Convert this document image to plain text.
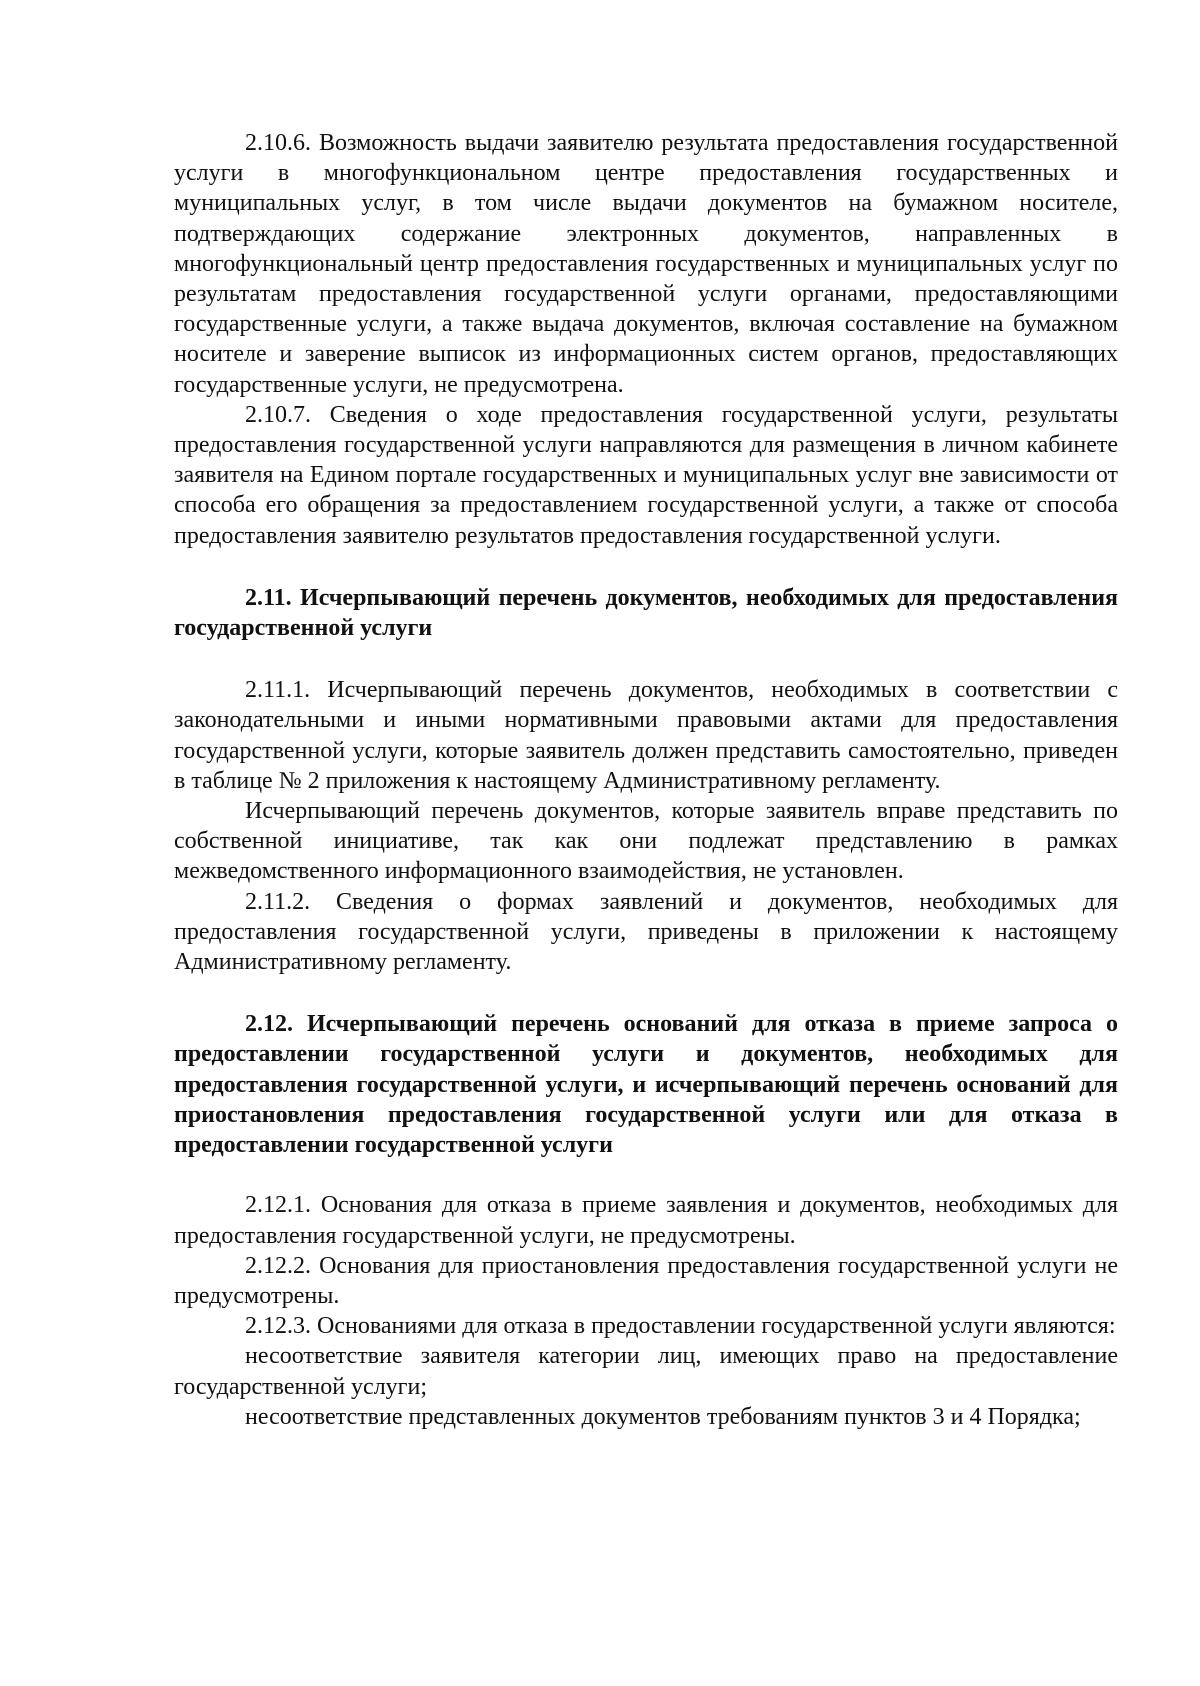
2.10.6. Возможность выдачи заявителю результата предоставления государственной услуги в многофункциональном центре предоставления государственных и муниципальных услуг, в том числе выдачи документов на бумажном носителе, подтверждающих содержание электронных документов, направленных в многофункциональный центр предоставления государственных и муниципальных услуг по результатам предоставления государственной услуги органами, предоставляющими государственные услуги, а также выдача документов, включая составление на бумажном носителе и заверение выписок из информационных систем органов, предоставляющих государственные услуги, не предусмотрена.

2.10.7. Сведения о ходе предоставления государственной услуги, результаты предоставления государственной услуги направляются для размещения в личном кабинете заявителя на Едином портале государственных и муниципальных услуг вне зависимости от способа его обращения за предоставлением государственной услуги, а также от способа предоставления заявителю результатов предоставления государственной услуги.

2.11. Исчерпывающий перечень документов, необходимых для предоставления государственной услуги

2.11.1. Исчерпывающий перечень документов, необходимых в соответствии с законодательными и иными нормативными правовыми актами для предоставления государственной услуги, которые заявитель должен представить самостоятельно, приведен в таблице № 2 приложения к настоящему Административному регламенту.

Исчерпывающий перечень документов, которые заявитель вправе представить по собственной инициативе, так как они подлежат представлению в рамках межведомственного информационного взаимодействия, не установлен.

2.11.2. Сведения о формах заявлений и документов, необходимых для предоставления государственной услуги, приведены в приложении к настоящему Административному регламенту.

2.12. Исчерпывающий перечень оснований для отказа в приеме запроса о предоставлении государственной услуги и документов, необходимых для предоставления государственной услуги, и исчерпывающий перечень оснований для приостановления предоставления государственной услуги или для отказа в предоставлении государственной услуги

2.12.1. Основания для отказа в приеме заявления и документов, необходимых для предоставления государственной услуги, не предусмотрены.

2.12.2. Основания для приостановления предоставления государственной услуги не предусмотрены.

2.12.3. Основаниями для отказа в предоставлении государственной услуги являются:

несоответствие заявителя категории лиц, имеющих право на предоставление государственной услуги;

несоответствие представленных документов требованиям пунктов 3 и 4 Порядка;
